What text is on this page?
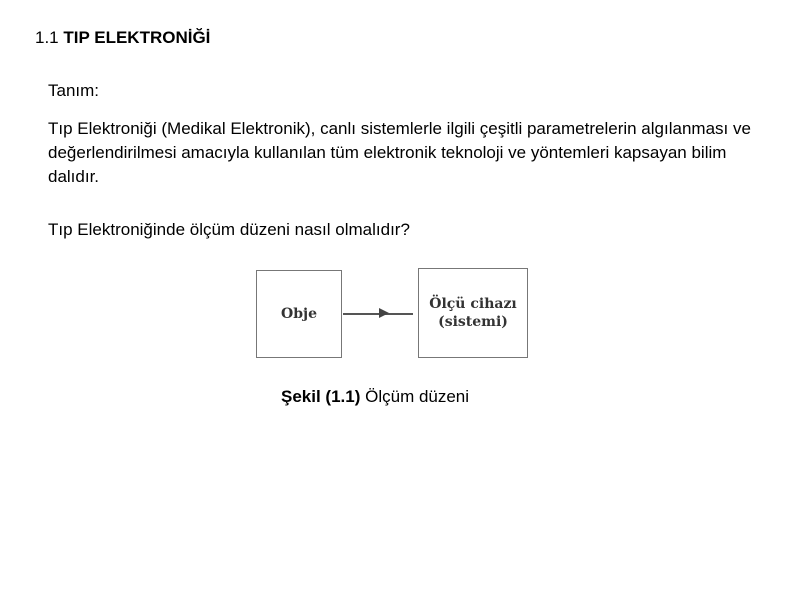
1.1 TIP ELEKTRONİĞİ
Tanım:
Tıp Elektroniği (Medikal Elektronik), canlı sistemlerle ilgili çeşitli parametrelerin algılanması ve değerlendirilmesi amacıyla kullanılan tüm elektronik teknoloji ve yöntemleri kapsayan bilim dalıdır.
Tıp Elektroniğinde ölçüm düzeni nasıl olmalıdır?
Obje
Ölçü cihazı
(sistemi)
Şekil (1.1) Ölçüm düzeni
